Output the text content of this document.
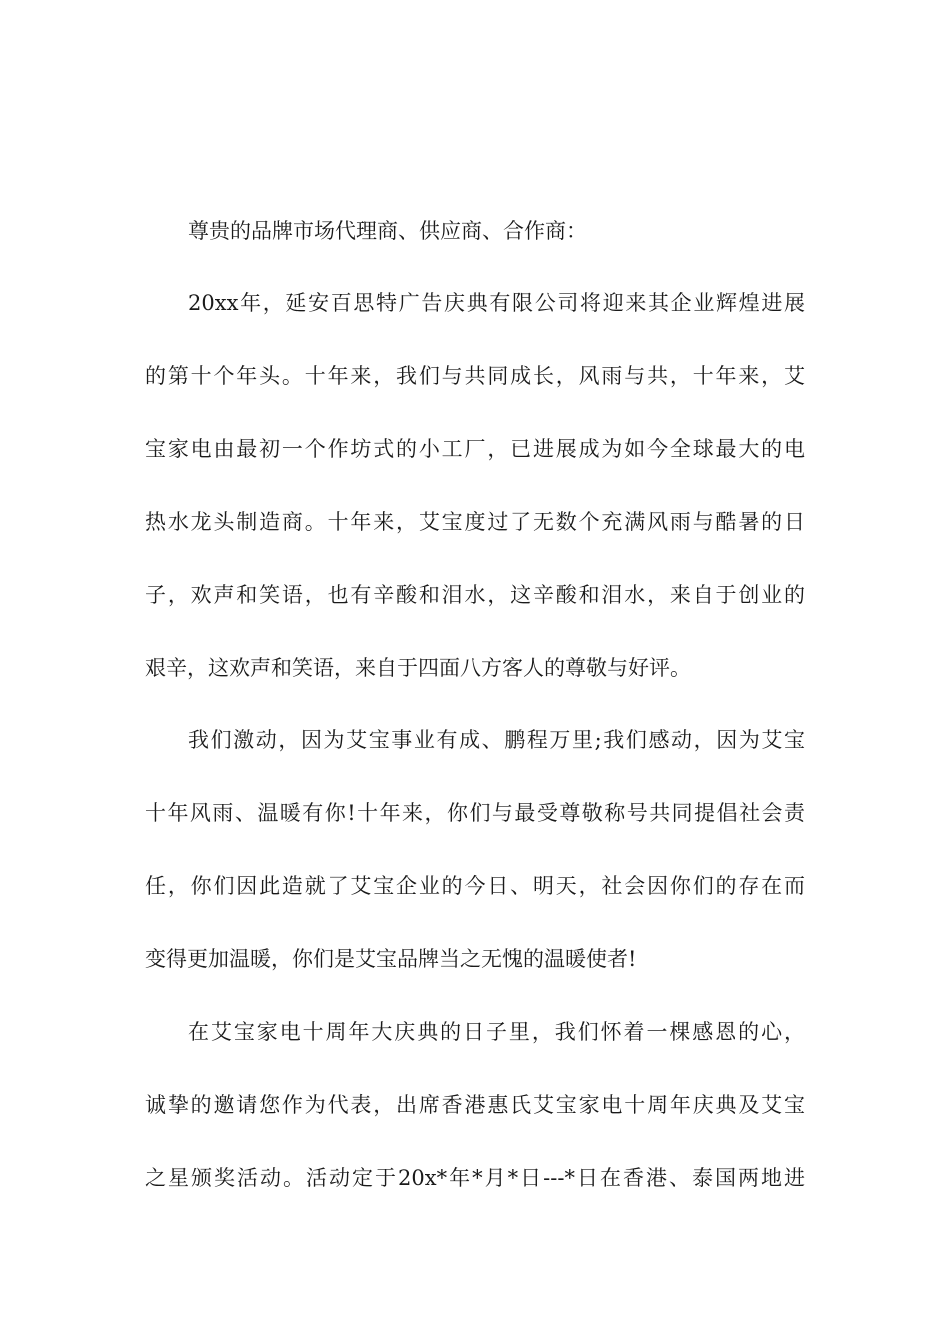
尊贵的品牌市场代理商、供应商、合作商：
20xx年，延安百思特广告庆典有限公司将迎来其企业辉煌进展
的第十个年头。十年来，我们与共同成长，风雨与共，十年来，艾
宝家电由最初一个作坊式的小工厂，已进展成为如今全球最大的电
热水龙头制造商。十年来，艾宝度过了无数个充满风雨与酷暑的日
子，欢声和笑语，也有辛酸和泪水，这辛酸和泪水，来自于创业的
艰辛，这欢声和笑语，来自于四面八方客人的尊敬与好评。
我们激动，因为艾宝事业有成、鹏程万里;我们感动，因为艾宝
十年风雨、温暖有你!十年来，你们与最受尊敬称号共同提倡社会责
任，你们因此造就了艾宝企业的今日、明天，社会因你们的存在而
变得更加温暖，你们是艾宝品牌当之无愧的温暖使者!
在艾宝家电十周年大庆典的日子里，我们怀着一棵感恩的心，
诚挚的邀请您作为代表，出席香港惠氏艾宝家电十周年庆典及艾宝
之星颁奖活动。活动定于20x*年*月*日---*日在香港、泰国两地进
